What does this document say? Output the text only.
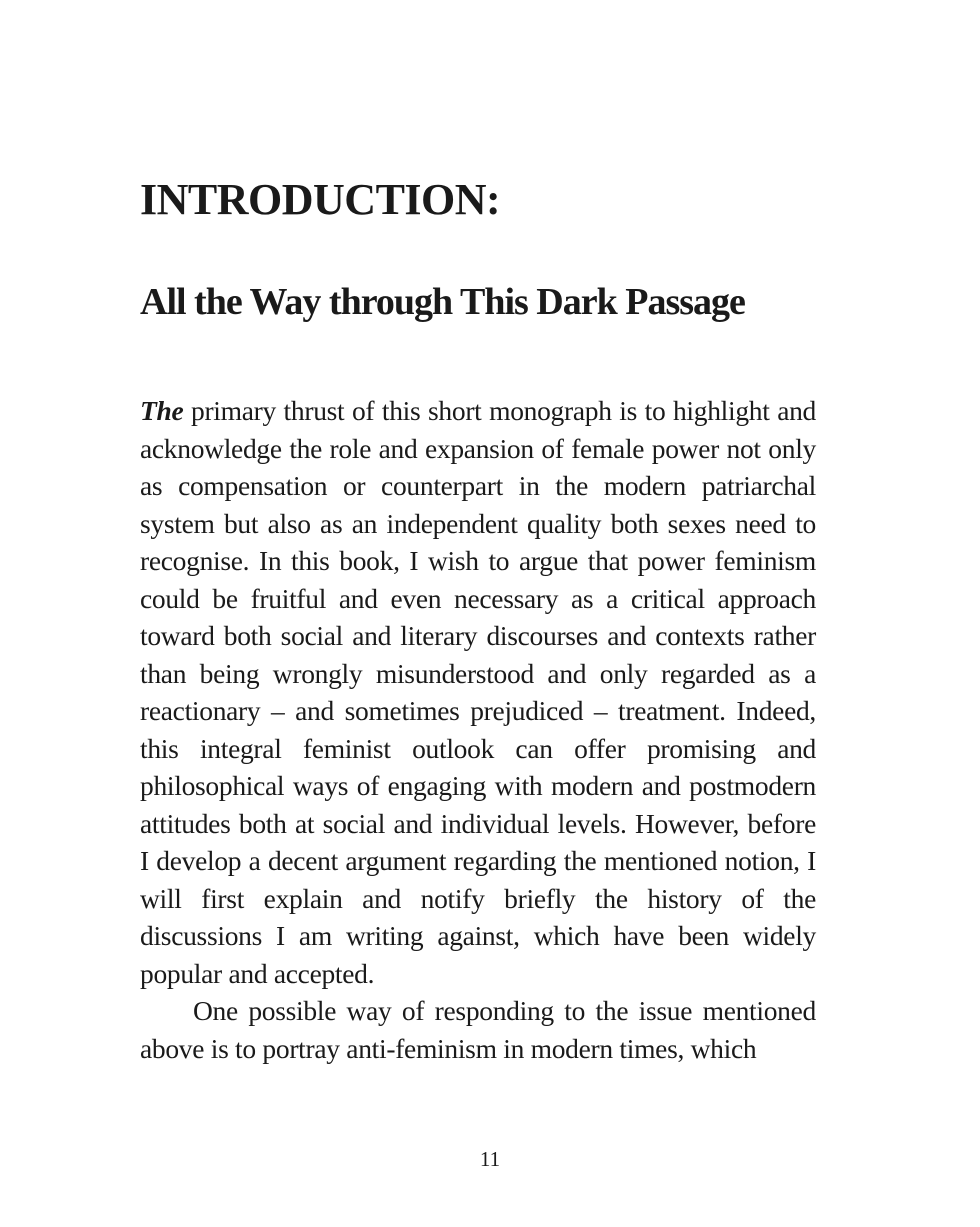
INTRODUCTION:
All the Way through This Dark Passage

The primary thrust of this short monograph is to highlight and acknowledge the role and expansion of female power not only as compensation or counterpart in the modern patriarchal system but also as an independent quality both sexes need to recognise. In this book, I wish to argue that power feminism could be fruitful and even necessary as a critical approach toward both social and literary discourses and contexts rather than being wrongly misunderstood and only regarded as a reactionary – and sometimes prejudiced – treatment. Indeed, this integral feminist outlook can offer promising and philosophical ways of engaging with modern and postmodern attitudes both at social and individual levels. However, before I develop a decent argument regarding the mentioned notion, I will first explain and notify briefly the history of the discussions I am writing against, which have been widely popular and accepted.

One possible way of responding to the issue mentioned above is to portray anti-feminism in modern times, which

11
